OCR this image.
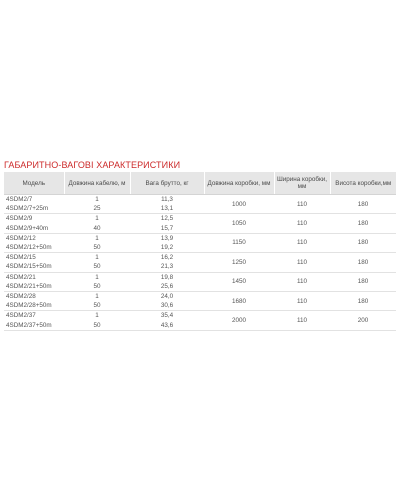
ГАБАРИТНО-ВАГОВІ ХАРАКТЕРИСТИКИ
Модель	Довжина кабелю, м	Вага брутто, кг	Довжина коробки, мм	Ширина коробки, мм	Висота коробки,мм
4SDM2/7	1	11,3	1000	110	180
4SDM2/7+25m	25	13,1			
4SDM2/9	1	12,5	1050	110	180
4SDM2/9+40m	40	15,7			
4SDM2/12	1	13,9	1150	110	180
4SDM2/12+50m	50	19,2			
4SDM2/15	1	16,2	1250	110	180
4SDM2/15+50m	50	21,3			
4SDM2/21	1	19,8	1450	110	180
4SDM2/21+50m	50	25,6			
4SDM2/28	1	24,0	1680	110	180
4SDM2/28+50m	50	30,6			
4SDM2/37	1	35,4	2000	110	200
4SDM2/37+50m	50	43,6			
